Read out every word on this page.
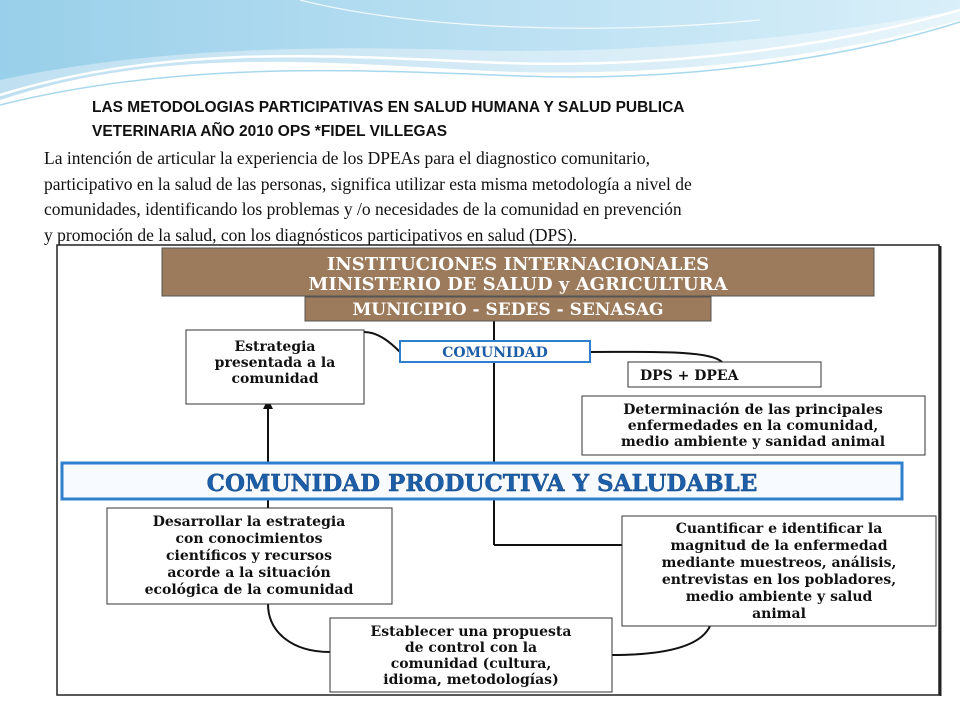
LAS METODOLOGIAS PARTICIPATIVAS EN SALUD HUMANA Y SALUD PUBLICA
VETERINARIA AÑO 2010 OPS *FIDEL VILLEGAS
La intención de articular la experiencia de los DPEAs para el diagnostico comunitario,
participativo en la salud de las personas, significa utilizar esta misma metodología a nivel de
comunidades, identificando los problemas y /o necesidades de la comunidad en prevención
y promoción de la salud, con los diagnósticos participativos en salud (DPS).
INSTITUCIONES INTERNACIONALES
MINISTERIO DE SALUD y AGRICULTURA
MUNICIPIO - SEDES - SENASAG
COMUNIDAD
Estrategia
presentada a la
comunidad	DPS + DPEA
Determinación de las principales
enfermedades en la comunidad,
medio ambiente y sanidad animal
COMUNIDAD PRODUCTIVA Y SALUDABLE
Desarrollar la estrategia
con conocimientos
científicos y recursos
acorde a la situación
ecológica de la comunidad
Cuantificar e identificar la
magnitud de la enfermedad
mediante muestreos, análisis,
entrevistas en los pobladores,
medio ambiente y salud
animal
Establecer una propuesta
de control con la
comunidad (cultura,
idioma, metodologías)
